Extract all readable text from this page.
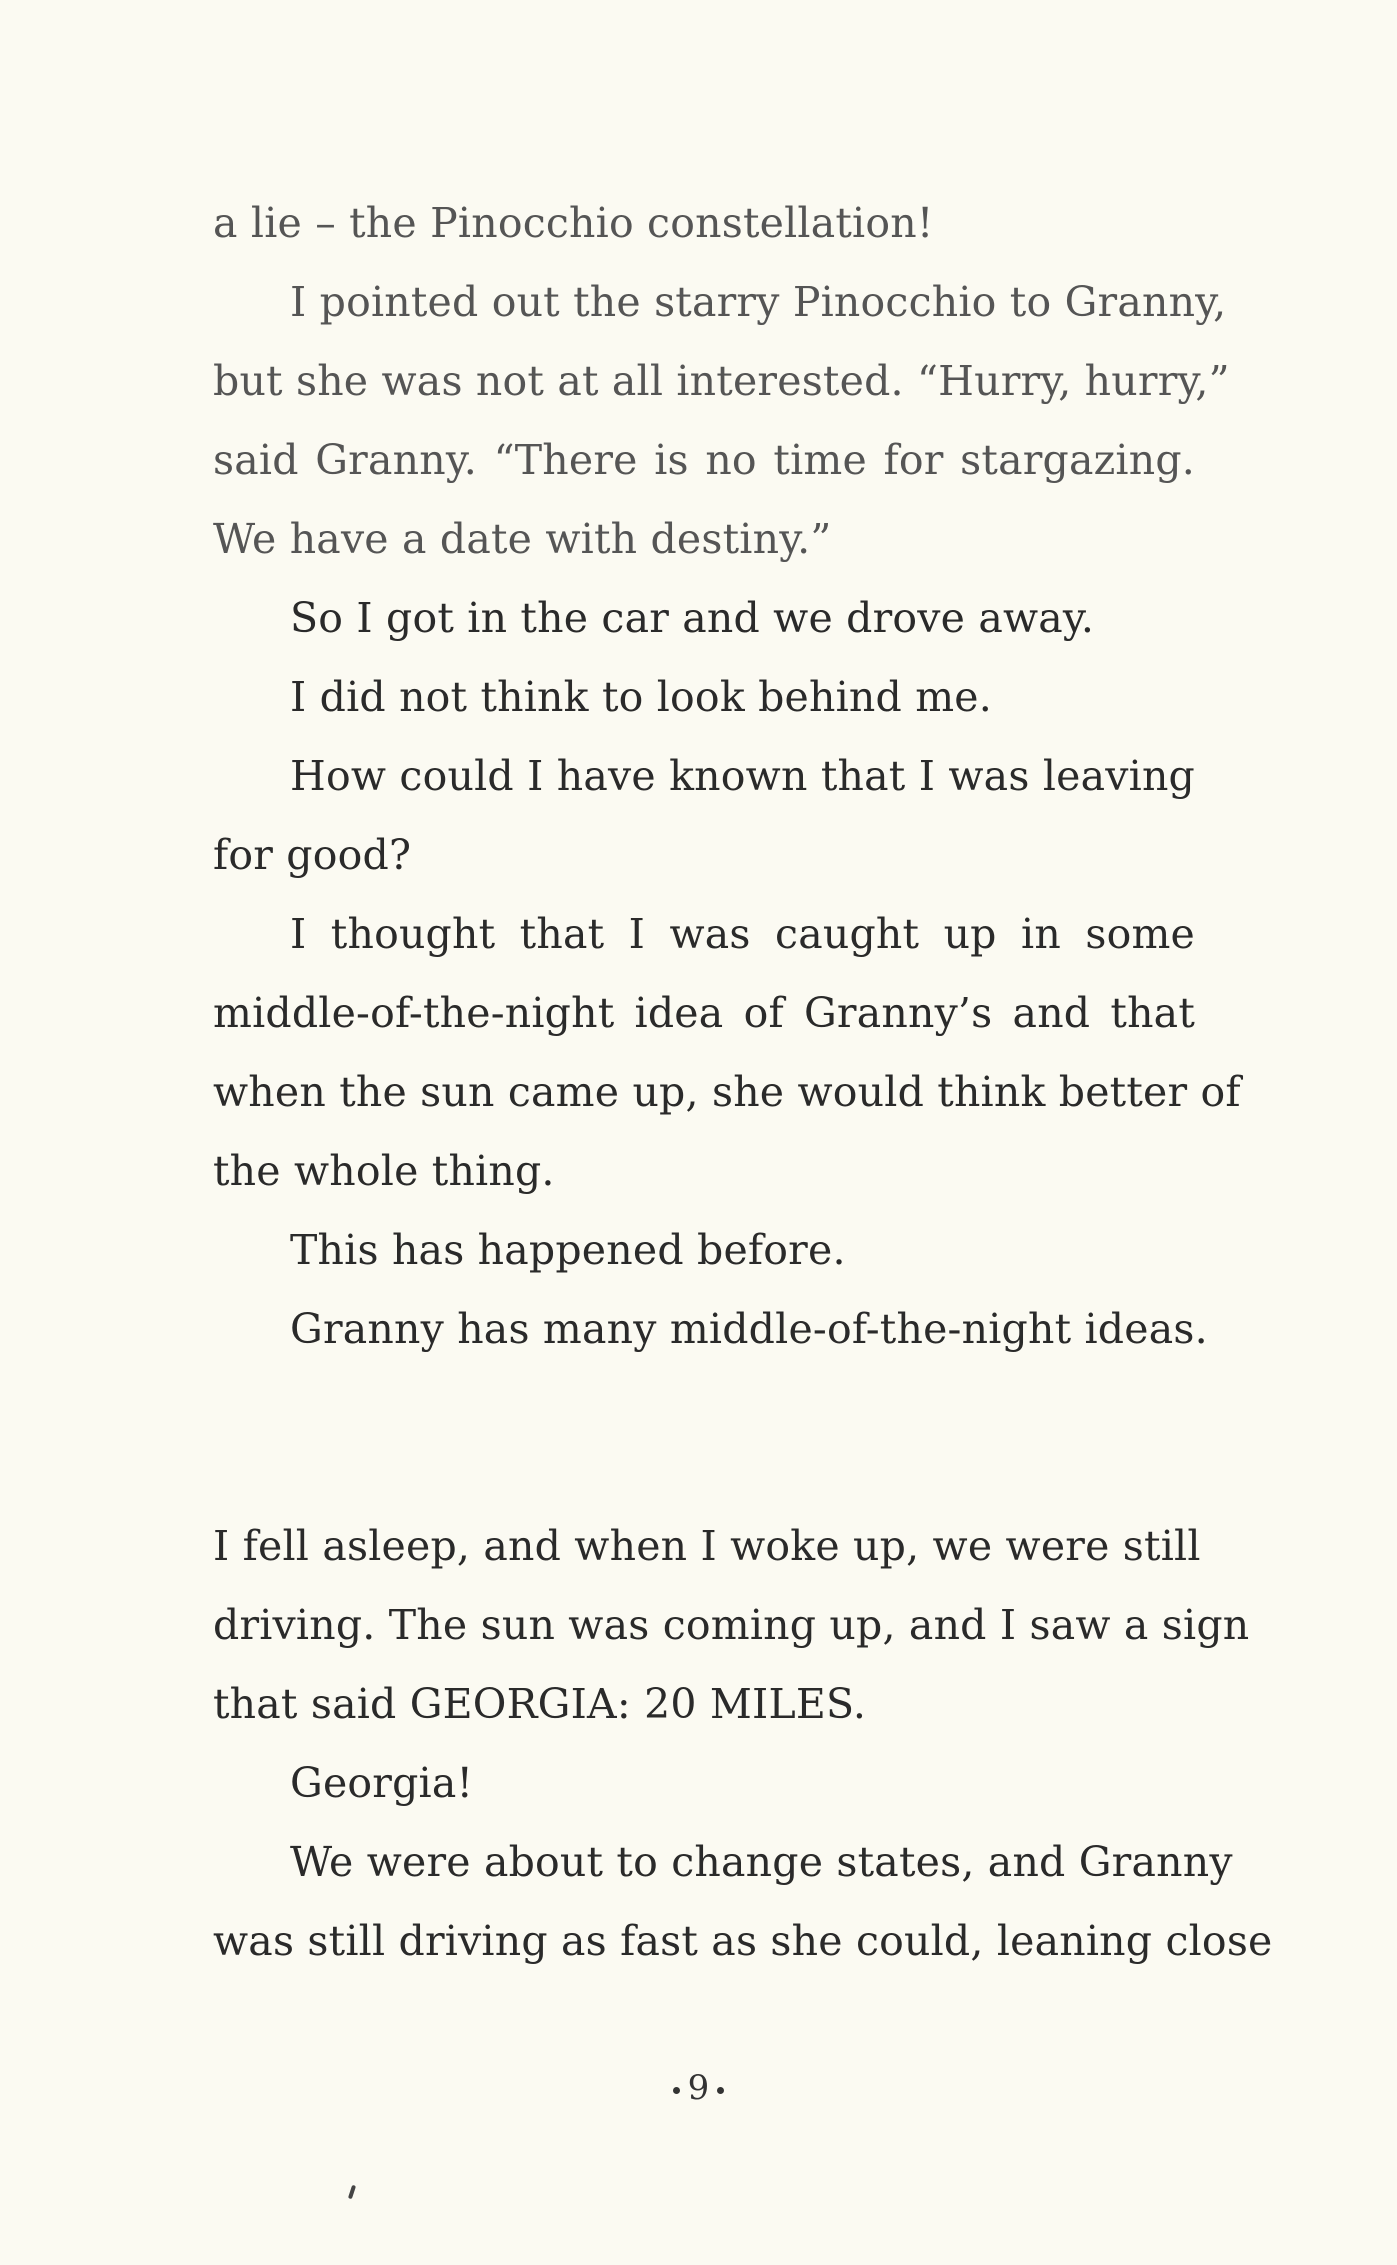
a lie – the Pinocchio constellation!
I pointed out the starry Pinocchio to Granny,
but she was not at all interested. “Hurry, hurry,”
said Granny. “There is no time for stargazing.
We have a date with destiny.”
So I got in the car and we drove away.
I did not think to look behind me.
How could I have known that I was leaving
for good?
I thought that I was caught up in some
middle-of-the-night idea of Granny’s and that
when the sun came up, she would think better of
the whole thing.
This has happened before.
Granny has many middle-of-the-night ideas.
I fell asleep, and when I woke up, we were still
driving. The sun was coming up, and I saw a sign
that said GEORGIA: 20 MILES.
Georgia!
We were about to change states, and Granny
was still driving as fast as she could, leaning close
9
